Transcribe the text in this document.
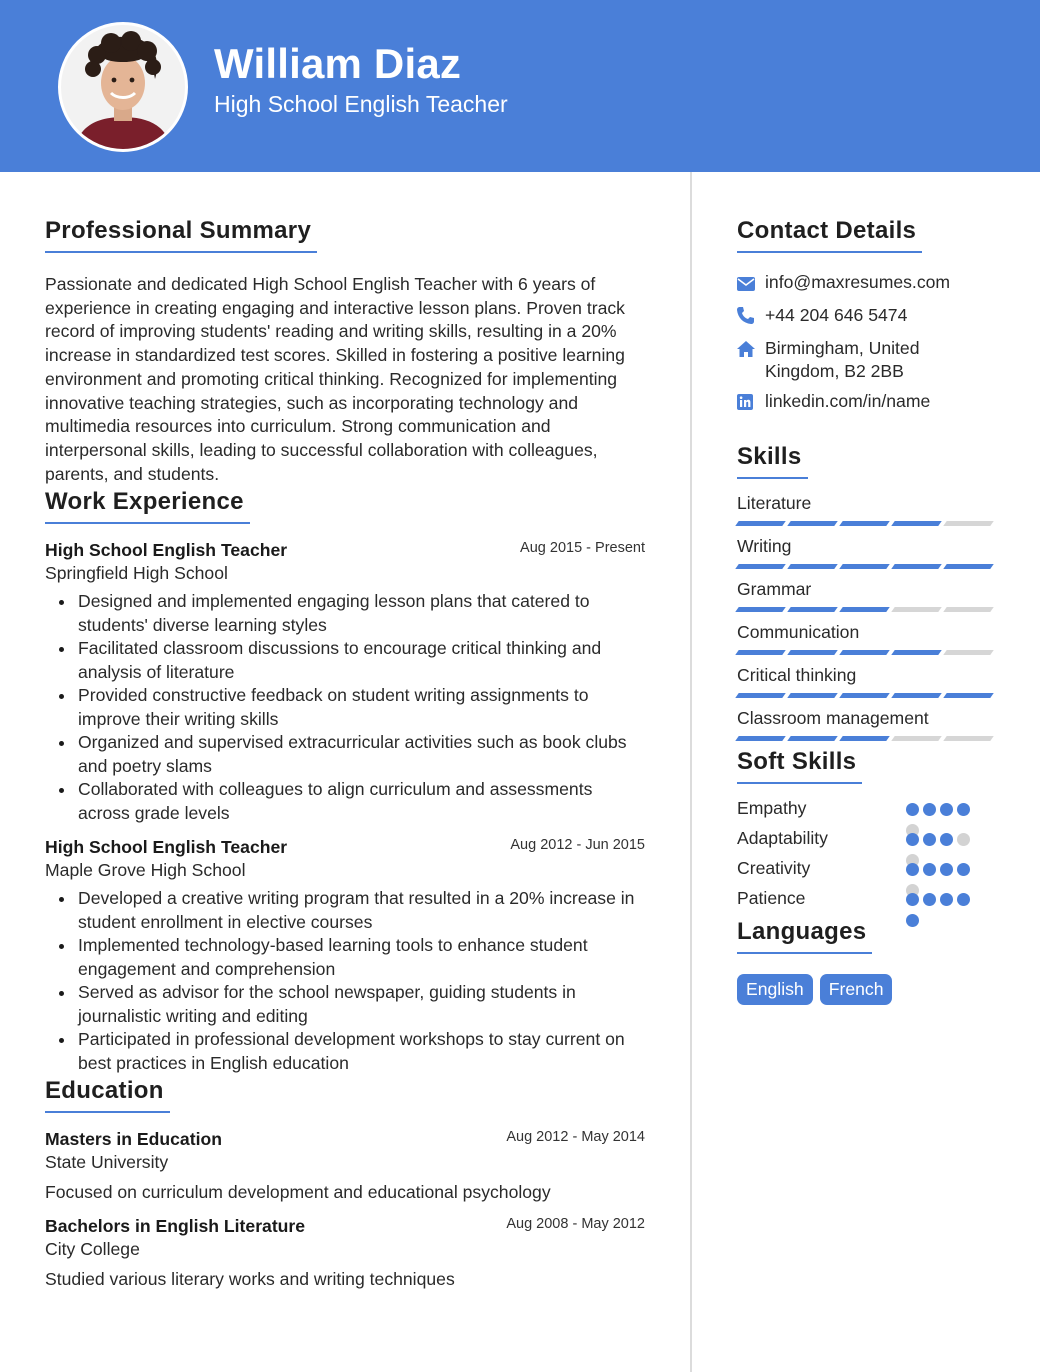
William Diaz
High School English Teacher
Professional Summary

Passionate and dedicated High School English Teacher with 6 years of experience in creating engaging and interactive lesson plans. Proven track record of improving students' reading and writing skills, resulting in a 20% increase in standardized test scores. Skilled in fostering a positive learning environment and promoting critical thinking. Recognized for implementing innovative teaching strategies, such as incorporating technology and multimedia resources into curriculum. Strong communication and interpersonal skills, leading to successful collaboration with colleagues, parents, and students.

Work Experience
High School English Teacher	Aug 2015 - Present
Springfield High School
Designed and implemented engaging lesson plans that catered to students' diverse learning styles
Facilitated classroom discussions to encourage critical thinking and analysis of literature
Provided constructive feedback on student writing assignments to improve their writing skills
Organized and supervised extracurricular activities such as book clubs and poetry slams
Collaborated with colleagues to align curriculum and assessments across grade levels
High School English Teacher	Aug 2012 - Jun 2015
Maple Grove High School
Developed a creative writing program that resulted in a 20% increase in student enrollment in elective courses
Implemented technology-based learning tools to enhance student engagement and comprehension
Served as advisor for the school newspaper, guiding students in journalistic writing and editing
Participated in professional development workshops to stay current on best practices in English education
Education
Masters in Education	Aug 2012 - May 2014
State University
Focused on curriculum development and educational psychology
Bachelors in English Literature	Aug 2008 - May 2012
City College
Studied various literary works and writing techniques
Contact Details
info@maxresumes.com
+44 204 646 5474
Birmingham, United
Kingdom, B2 2BB
linkedin.com/in/name
Skills
Literature
Writing
Grammar
Communication
Critical thinking
Classroom management
Soft Skills
Empathy
Adaptability
Creativity
Patience
Languages
English	French
